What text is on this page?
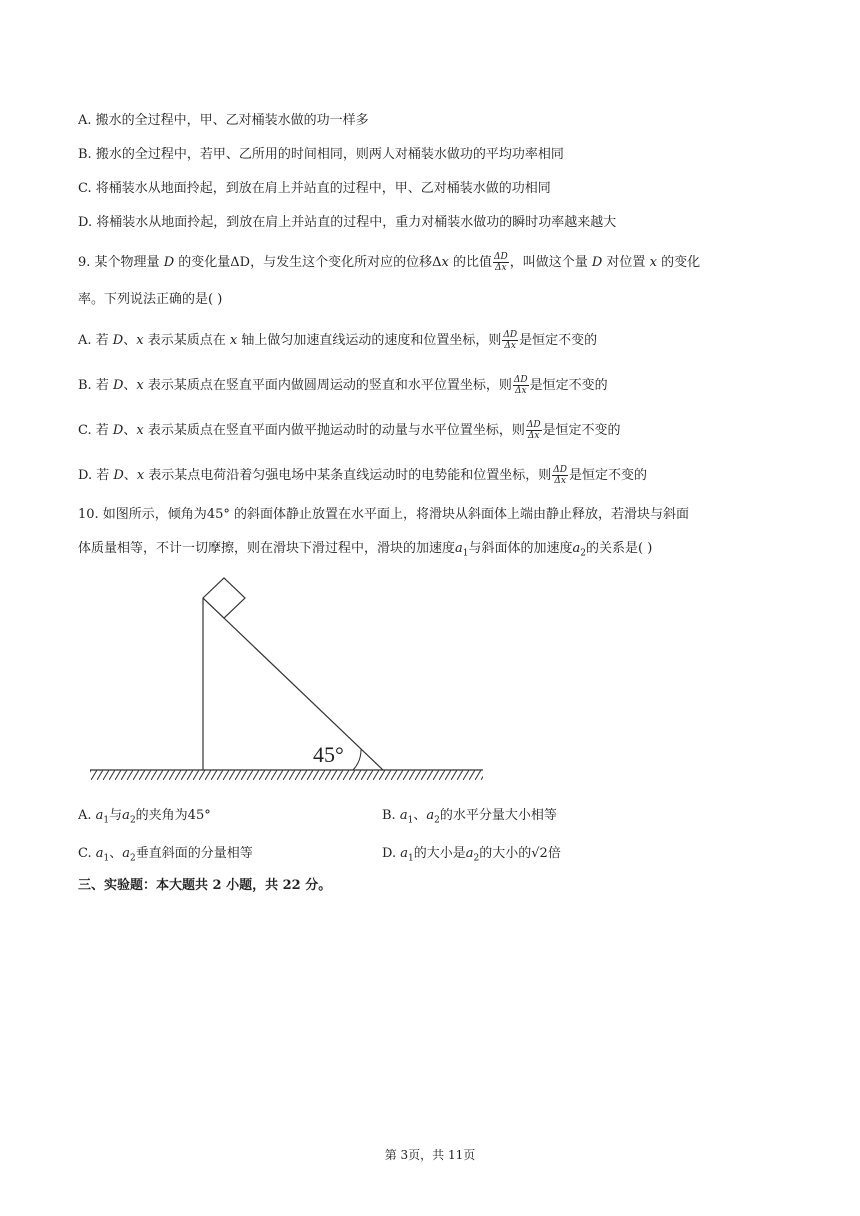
A. 搬水的全过程中，甲、乙对桶装水做的功一样多
B. 搬水的全过程中，若甲、乙所用的时间相同，则两人对桶装水做功的平均功率相同
C. 将桶装水从地面拎起，到放在肩上并站直的过程中，甲、乙对桶装水做的功相同
D. 将桶装水从地面拎起，到放在肩上并站直的过程中，重力对桶装水做功的瞬时功率越来越大
9. 某个物理量 D 的变化量ΔD，与发生这个变化所对应的位移Δx 的比值 $\frac{\Delta D}{\Delta x}$ ，叫做这个量 D 对位置 x 的变化
率。下列说法正确的是( )
A. 若 D、x 表示某质点在 x 轴上做匀加速直线运动的速度和位置坐标，则 $\frac{\Delta D}{\Delta x}$ 是恒定不变的
B. 若 D、x 表示某质点在竖直平面内做圆周运动的竖直和水平位置坐标，则 $\frac{\Delta D}{\Delta x}$ 是恒定不变的
C. 若 D、x 表示某质点在竖直平面内做平抛运动时的动量与水平位置坐标，则 $\frac{\Delta D}{\Delta x}$ 是恒定不变的
D. 若 D、x 表示某点电荷沿着匀强电场中某条直线运动时的电势能和位置坐标，则 $\frac{\Delta D}{\Delta x}$ 是恒定不变的
10. 如图所示，倾角为45° 的斜面体静止放置在水平面上，将滑块从斜面体上端由静止释放，若滑块与斜面
体质量相等，不计一切摩擦，则在滑块下滑过程中，滑块的加速度$a_1$与斜面体的加速度$a_2$的关系是( )
45°
A. $a_1$与$a_2$的夹角为45°	B. $a_1$、$a_2$的水平分量大小相等
C. $a_1$、$a_2$垂直斜面的分量相等	D. $a_1$的大小是$a_2$的大小的√2倍
三、实验题：本大题共 2 小题，共 22 分。
第 3页，共 11页
